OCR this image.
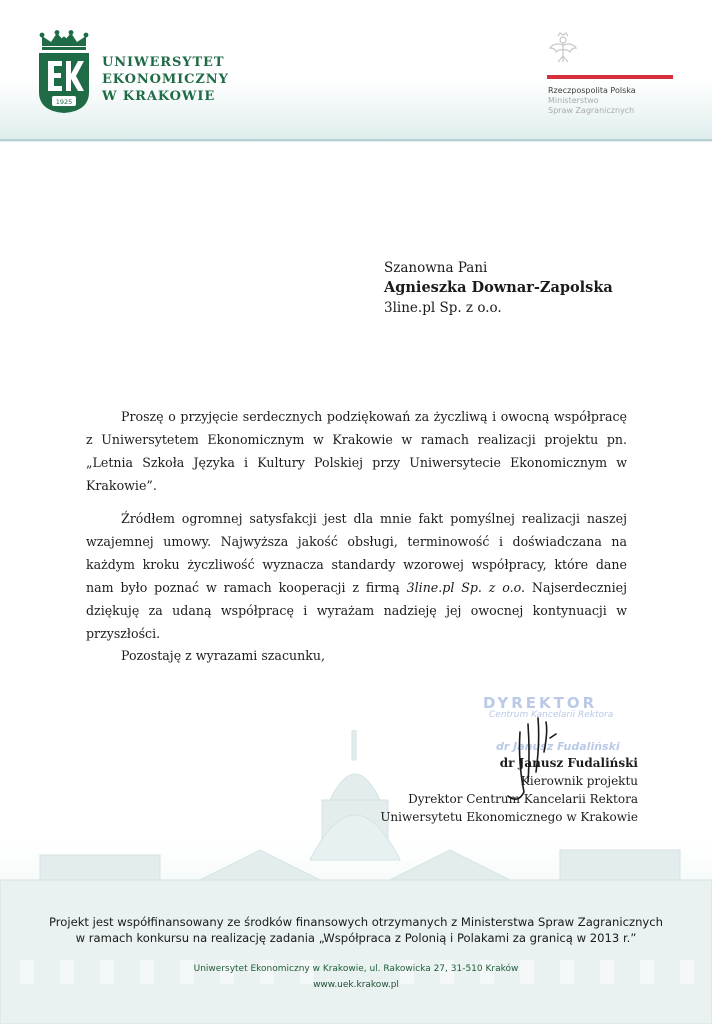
1925
UNIWERSYTET
EKONOMICZNY
W KRAKOWIE	Rzeczpospolita Polska
Ministerstwo
Spraw Zagranicznych
Szanowna Pani
Agnieszka Downar-Zapolska
3line.pl Sp. z o.o.

Proszę o przyjęcie serdecznych podziękowań za życzliwą i owocną współpracę z Uniwersytetem Ekonomicznym w Krakowie w ramach realizacji projektu pn. „Letnia Szkoła Języka i Kultury Polskiej przy Uniwersytecie Ekonomicznym w Krakowie”.

Źródłem ogromnej satysfakcji jest dla mnie fakt pomyślnej realizacji naszej wzajemnej umowy. Najwyższa jakość obsługi, terminowość i doświadczana na każdym kroku życzliwość wyznacza standardy wzorowej współpracy, które dane nam było poznać w ramach kooperacji z firmą 3line.pl Sp. z o.o. Najserdeczniej dziękuję za udaną współpracę i wyrażam nadzieję jej owocnej kontynuacji w przyszłości.

Pozostaję z wyrazami szacunku,
DYREKTOR
Centrum Kancelarii Rektora
dr Janusz Fudaliński
dr Janusz Fudaliński
Kierownik projektu
Dyrektor Centrum Kancelarii Rektora
Uniwersytetu Ekonomicznego w Krakowie
Projekt jest współfinansowany ze środków finansowych otrzymanych z Ministerstwa Spraw Zagranicznych
w ramach konkursu na realizację zadania „Współpraca z Polonią i Polakami za granicą w 2013 r.”
Uniwersytet Ekonomiczny w Krakowie, ul. Rakowicka 27, 31-510 Kraków
www.uek.krakow.pl
